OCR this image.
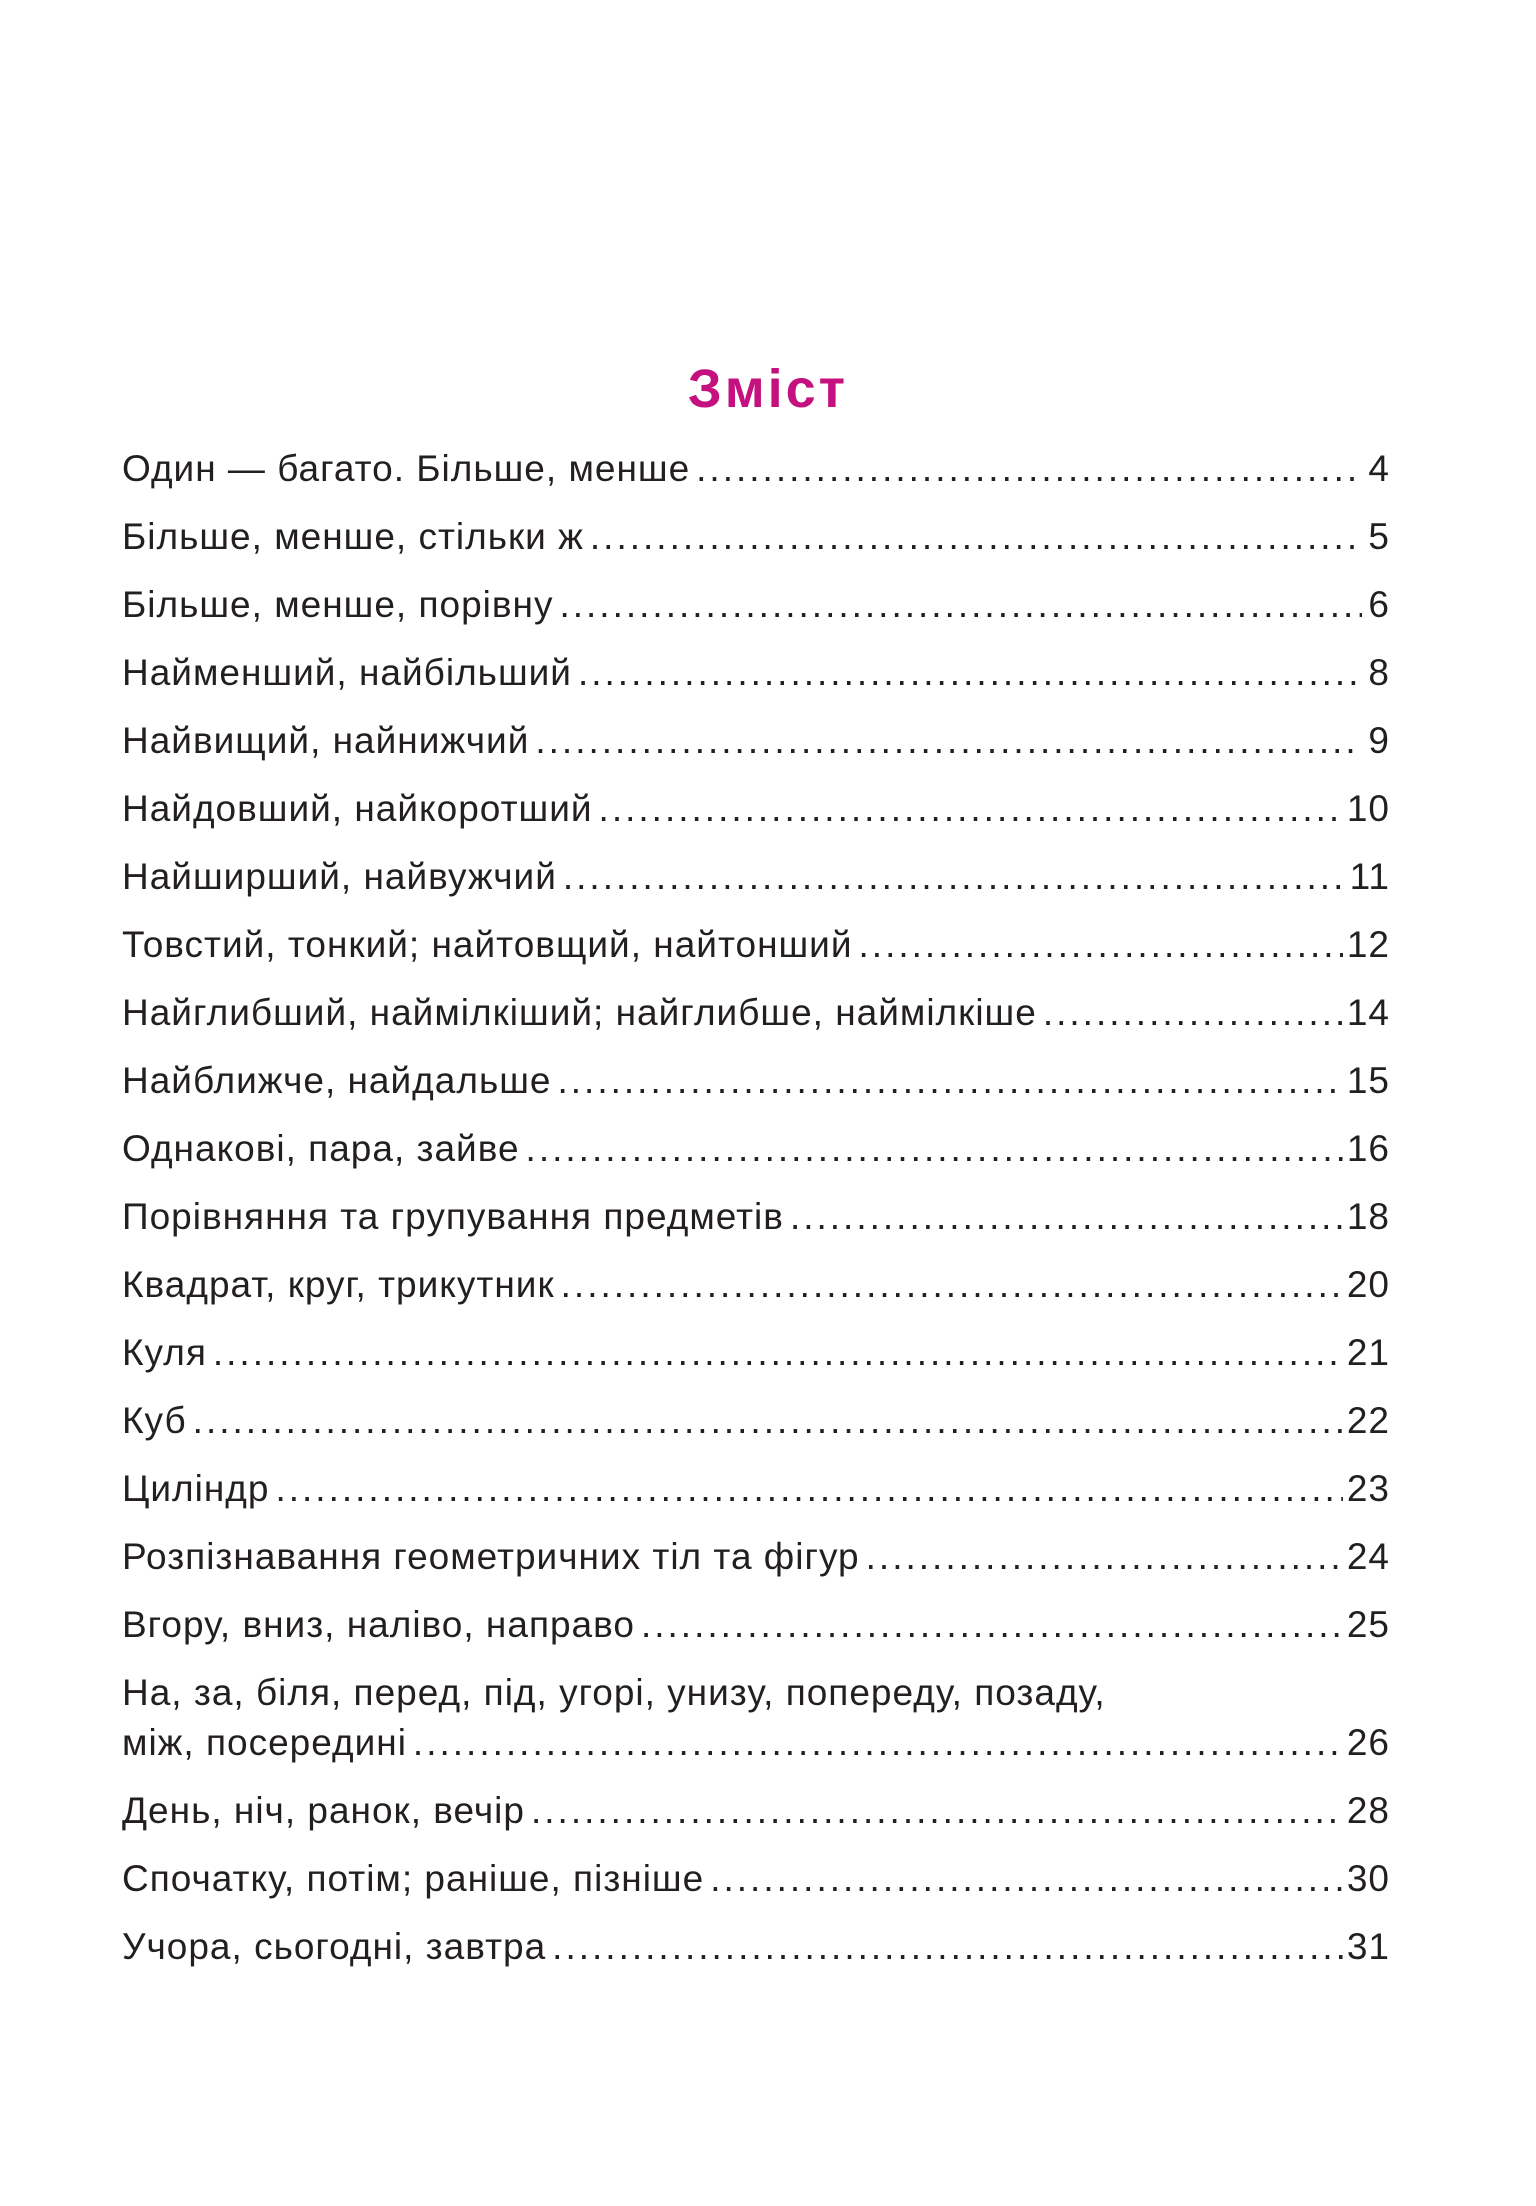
Зміст
Один — багато. Більше, менше .....	4
Більше, менше, стільки ж .....	5
Більше, менше, порівну .....	6
Найменший, найбільший .....	8
Найвищий, найнижчий .....	9
Найдовший, найкоротший .....	10
Найширший, найвужчий .....	11
Товстий, тонкий; найтовщий, найтонший .....	12
Найглибший, наймілкіший; найглибше, наймілкіше .....	14
Найближче, найдальше .....	15
Однакові, пара, зайве .....	16
Порівняння та групування предметів .....	18
Квадрат, круг, трикутник .....	20
Куля .....	21
Куб .....	22
Циліндр .....	23
Розпізнавання геометричних тіл та фігур .....	24
Вгору, вниз, наліво, направо .....	25
На, за, біля, перед, під, угорі, унизу, попереду, позаду,
між, посередині .....	26
День, ніч, ранок, вечір .....	28
Спочатку, потім; раніше, пізніше .....	30
Учора, сьогодні, завтра .....	31
